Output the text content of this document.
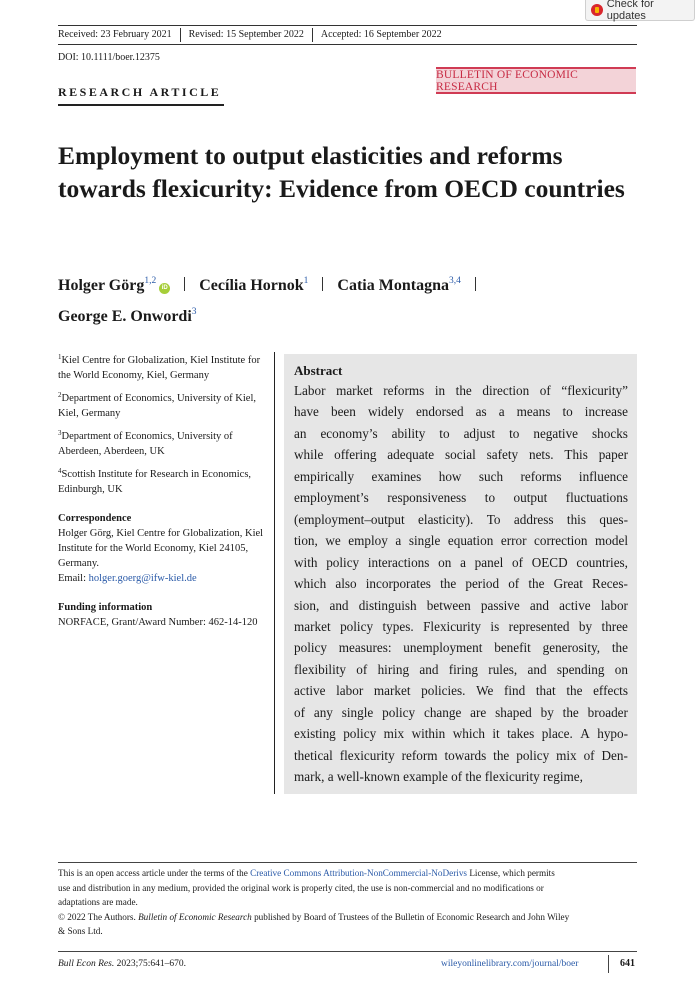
Check for updates
Received: 23 February 2021	Revised: 15 September 2022	Accepted: 16 September 2022
DOI: 10.1111/boer.12375
RESEARCH ARTICLE
BULLETIN OF ECONOMIC RESEARCH
Employment to output elasticities and reforms towards flexicurity: Evidence from OECD countries
Holger Görg$^{1,2}$iD Cecília Hornok$^1$ Catia Montagna$^{3,4}$
George E. Onwordi$^3$
$^1$Kiel Centre for Globalization, Kiel Institute for the World Economy, Kiel, Germany
$^2$Department of Economics, University of Kiel, Kiel, Germany
$^3$Department of Economics, University of Aberdeen, Aberdeen, UK
$^4$Scottish Institute for Research in Economics, Edinburgh, UK
Correspondence
Holger Görg, Kiel Centre for Globalization, Kiel Institute for the World Economy, Kiel 24105, Germany.
Email: holger.goerg@ifw-kiel.de
Funding information
NORFACE, Grant/Award Number: 462-14-120
Abstract
Labor market reforms in the direction of “flexicurity”
have been widely endorsed as a means to increase
an economy’s ability to adjust to negative shocks
while offering adequate social safety nets. This paper
empirically examines how such reforms influence
employment’s responsiveness to output fluctuations
(employment–output elasticity). To address this ques-
tion, we employ a single equation error correction model
with policy interactions on a panel of OECD countries,
which also incorporates the period of the Great Reces-
sion, and distinguish between passive and active labor
market policy types. Flexicurity is represented by three
policy measures: unemployment benefit generosity, the
flexibility of hiring and firing rules, and spending on
active labor market policies. We find that the effects
of any single policy change are shaped by the broader
existing policy mix within which it takes place. A hypo-
thetical flexicurity reform towards the policy mix of Den-
mark, a well-known example of the flexicurity regime,

This is an open access article under the terms of the Creative Commons Attribution-NonCommercial-NoDerivs License, which permits

use and distribution in any medium, provided the original work is properly cited, the use is non-commercial and no modifications or

adaptations are made.

© 2022 The Authors. Bulletin of Economic Research published by Board of Trustees of the Bulletin of Economic Research and John Wiley

& Sons Ltd.

Bull Econ Res. 2023;75:641–670.	wileyonlinelibrary.com/journal/boer	641
